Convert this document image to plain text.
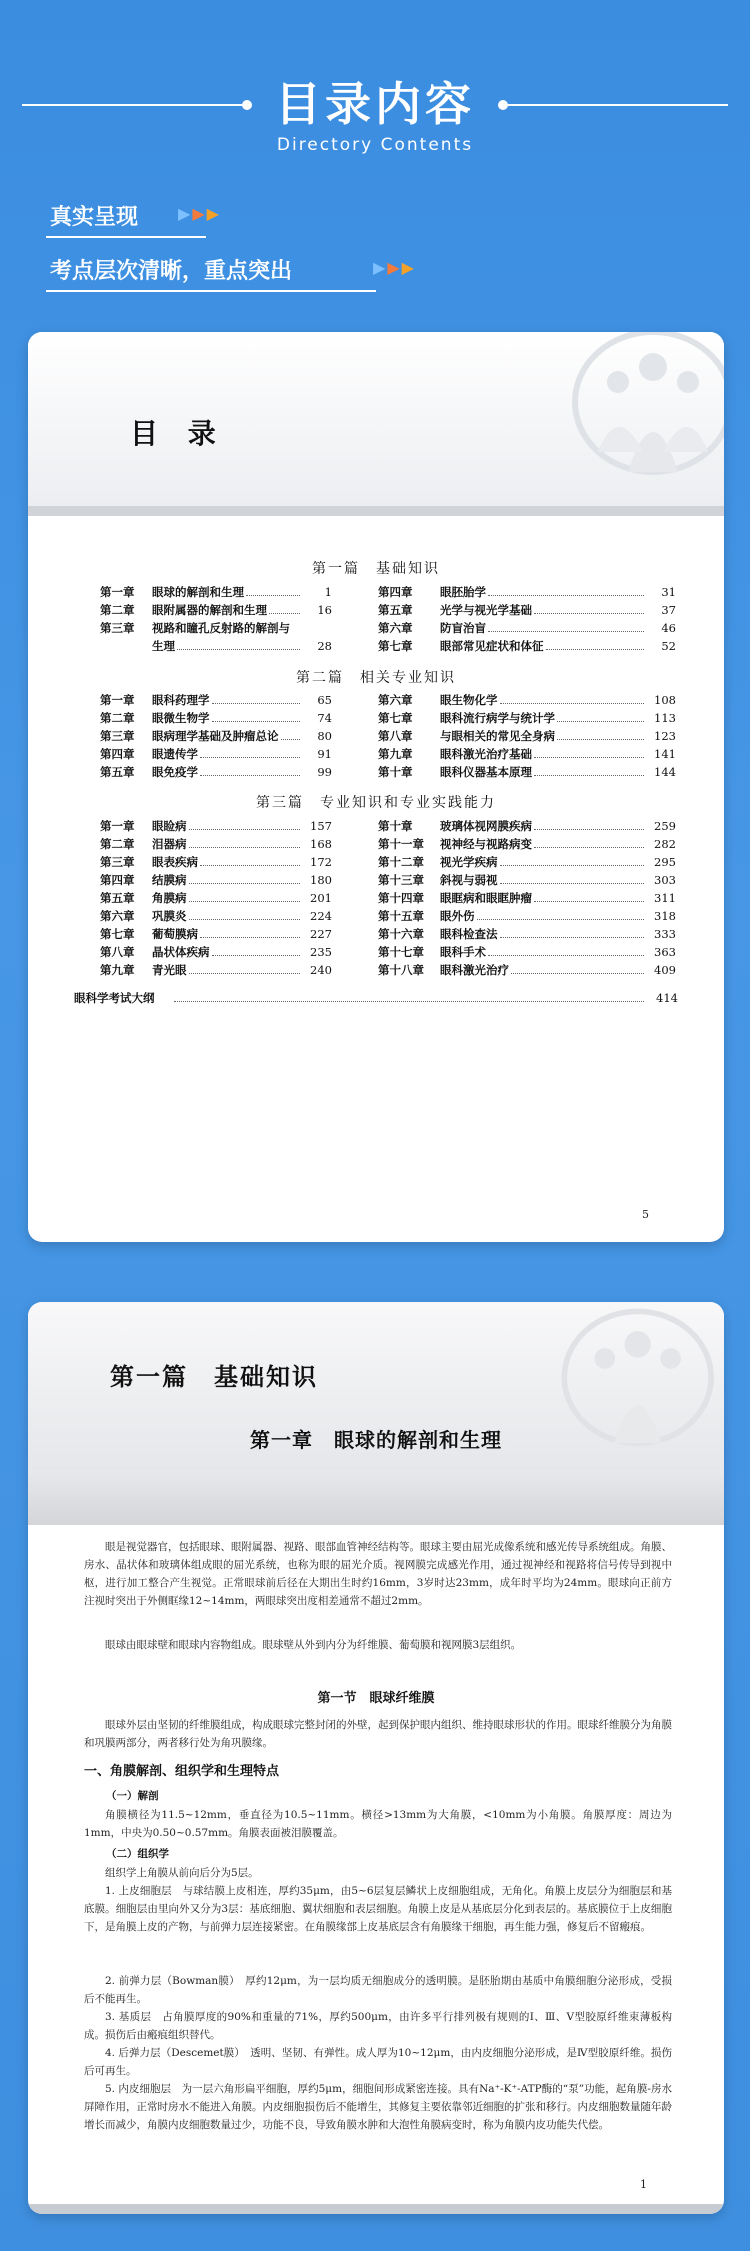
目录内容
Directory Contents
真实呈现 ▶▶▶
考点层次清晰，重点突出	▶▶▶
目 录
第一篇　基础知识
第一章	眼球的解剖和生理	1
第二章	眼附属器的解剖和生理	16
第三章	视路和瞳孔反射路的解剖与
生理	28
第四章	眼胚胎学	31
第五章	光学与视光学基础	37
第六章	防盲治盲	46
第七章	眼部常见症状和体征	52
第二篇　相关专业知识
第一章	眼科药理学	65
第二章	眼微生物学	74
第三章	眼病理学基础及肿瘤总论	80
第四章	眼遗传学	91
第五章	眼免疫学	99
第六章	眼生物化学	108
第七章	眼科流行病学与统计学	113
第八章	与眼相关的常见全身病	123
第九章	眼科激光治疗基础	141
第十章	眼科仪器基本原理	144
第三篇　专业知识和专业实践能力
第一章	眼睑病	157
第二章	泪器病	168
第三章	眼表疾病	172
第四章	结膜病	180
第五章	角膜病	201
第六章	巩膜炎	224
第七章	葡萄膜病	227
第八章	晶状体疾病	235
第九章	青光眼	240
第十章	玻璃体视网膜疾病	259
第十一章	视神经与视路病变	282
第十二章	视光学疾病	295
第十三章	斜视与弱视	303
第十四章	眼眶病和眼眶肿瘤	311
第十五章	眼外伤	318
第十六章	眼科检查法	333
第十七章	眼科手术	363
第十八章	眼科激光治疗	409
眼科学考试大纲	414
5
第一篇　基础知识
第一章　眼球的解剖和生理
眼是视觉器官，包括眼球、眼附属器、视路、眼部血管神经结构等。眼球主要由屈光成像系统和感光传导系统组成。角膜、房水、晶状体和玻璃体组成眼的屈光系统，也称为眼的屈光介质。视网膜完成感光作用，通过视神经和视路将信号传导到视中枢，进行加工整合产生视觉。正常眼球前后径在大期出生时约16mm，3岁时达23mm，成年时平均为24mm。眼球向正前方注视时突出于外侧眶缘12~14mm，两眼球突出度相差通常不超过2mm。
眼球由眼球壁和眼球内容物组成。眼球壁从外到内分为纤维膜、葡萄膜和视网膜3层组织。
第一节　眼球纤维膜
眼球外层由坚韧的纤维膜组成，构成眼球完整封闭的外壁，起到保护眼内组织、维持眼球形状的作用。眼球纤维膜分为角膜和巩膜两部分，两者移行处为角巩膜缘。
一、角膜解剖、组织学和生理特点
（一）解剖
角膜横径为11.5~12mm，垂直径为10.5~11mm。横径>13mm为大角膜，<10mm为小角膜。角膜厚度：周边为1mm，中央为0.50~0.57mm。角膜表面被泪膜覆盖。
（二）组织学
组织学上角膜从前向后分为5层。
1. 上皮细胞层　与球结膜上皮相连，厚约35μm，由5~6层复层鳞状上皮细胞组成，无角化。角膜上皮层分为细胞层和基底膜。细胞层由里向外又分为3层：基底细胞、翼状细胞和表层细胞。角膜上皮是从基底层分化到表层的。基底膜位于上皮细胞下，是角膜上皮的产物，与前弹力层连接紧密。在角膜缘部上皮基底层含有角膜缘干细胞，再生能力强，修复后不留瘢痕。
2. 前弹力层（Bowman膜）　厚约12μm，为一层均质无细胞成分的透明膜。是胚胎期由基质中角膜细胞分泌形成，受损后不能再生。
3. 基质层　占角膜厚度的90%和重量的71%，厚约500μm，由许多平行排列极有规则的Ⅰ、Ⅲ、Ⅴ型胶原纤维束薄板构成。损伤后由瘢痕组织替代。
4. 后弹力层（Descemet膜）　透明、坚韧、有弹性。成人厚为10~12μm，由内皮细胞分泌形成，是Ⅳ型胶原纤维。损伤后可再生。
5. 内皮细胞层　为一层六角形扁平细胞，厚约5μm，细胞间形成紧密连接。具有Na⁺-K⁺-ATP酶的“泵”功能，起角膜-房水屏障作用，正常时房水不能进入角膜。内皮细胞损伤后不能增生，其修复主要依靠邻近细胞的扩张和移行。内皮细胞数量随年龄增长而减少，角膜内皮细胞数量过少，功能不良，导致角膜水肿和大泡性角膜病变时，称为角膜内皮功能失代偿。
1
